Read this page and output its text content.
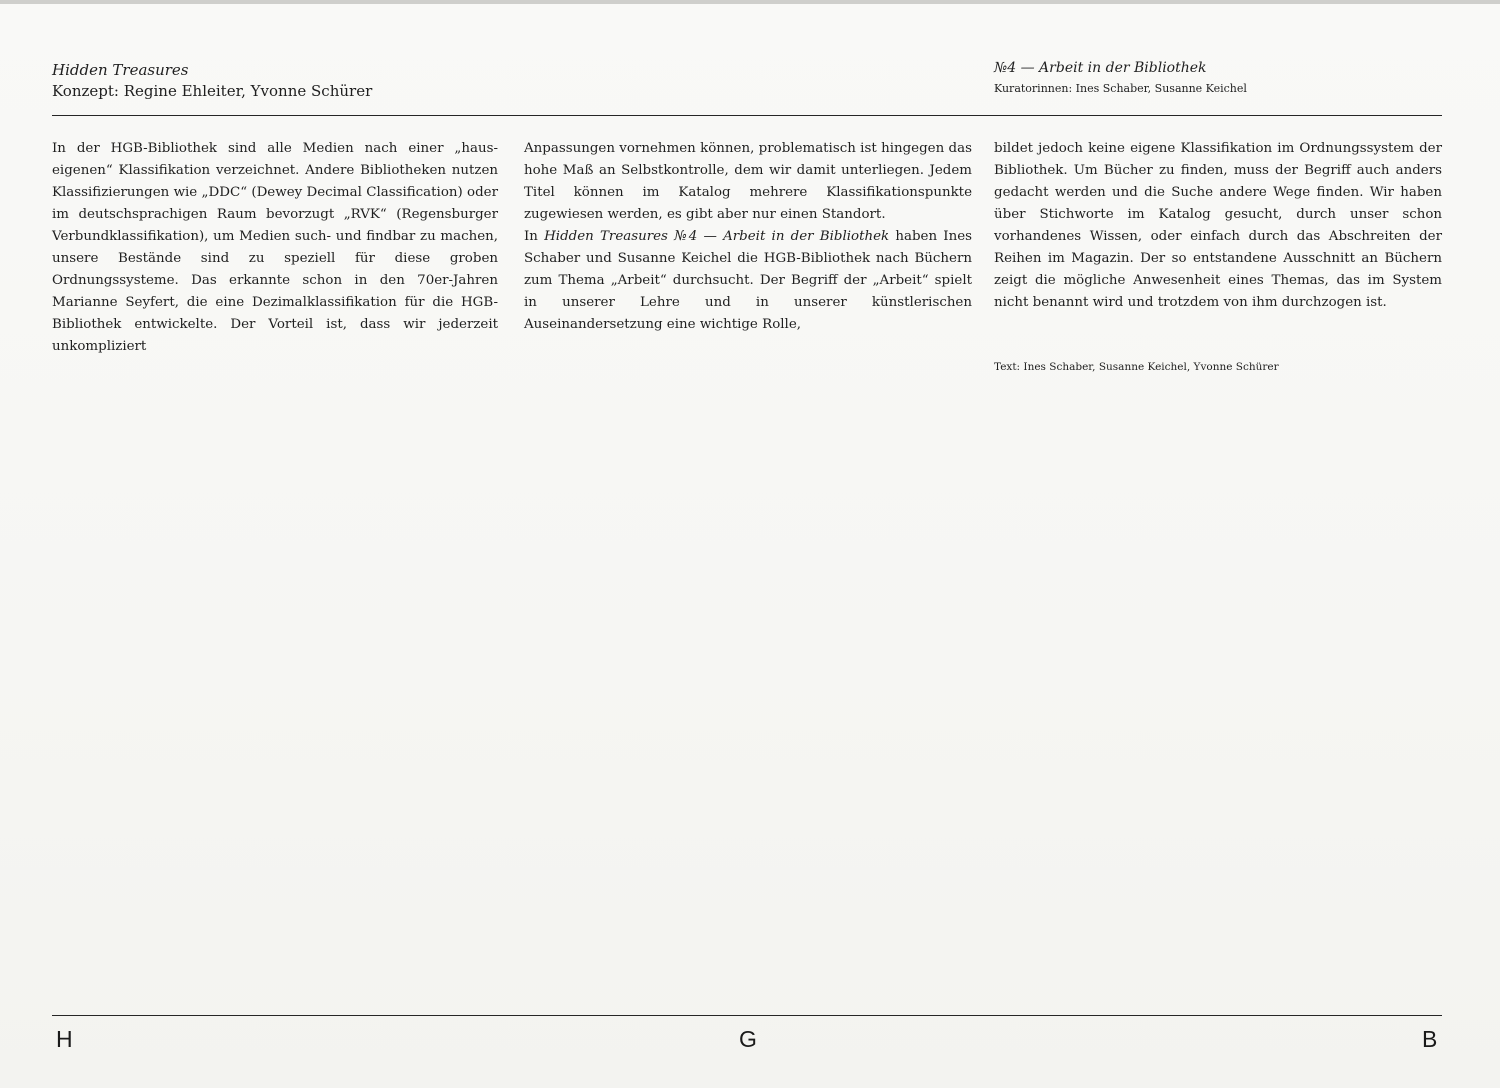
Hidden Treasures

Konzept: Regine Ehleiter, Yvonne Schürer

№4 — Arbeit in der Bibliothek

Kuratorinnen: Ines Schaber, Susanne Keichel

In der HGB-Bibliothek sind alle Medien nach einer „hauseigenen“ Klassifikation verzeichnet. Andere Bibliotheken nutzen Klassifizierungen wie „DDC“ (Dewey Decimal Classification) oder im deutschsprachigen Raum bevorzugt „RVK“ (Regensburger Verbundklassifikation), um Medien such- und findbar zu machen, unsere Bestände sind zu speziell für diese groben Ordnungssysteme. Das erkannte schon in den 70er-Jahren Marianne Seyfert, die eine Dezimalklassifikation für die HGB-Bibliothek entwickelte. Der Vorteil ist, dass wir jederzeit unkompliziert

Anpassungen vornehmen können, problematisch ist hingegen das hohe Maß an Selbstkontrolle, dem wir damit unterliegen. Jedem Titel können im Katalog mehrere Klassifikationspunkte zugewiesen werden, es gibt aber nur einen Standort.

In Hidden Treasures №4 — Arbeit in der Bibliothek haben Ines Schaber und Susanne Keichel die HGB-Bibliothek nach Büchern zum Thema „Arbeit“ durchsucht. Der Begriff der „Arbeit“ spielt in unserer Lehre und in unserer künstlerischen Auseinandersetzung eine wichtige Rolle,

bildet jedoch keine eigene Klassifikation im Ordnungssystem der Bibliothek. Um Bücher zu finden, muss der Begriff auch anders gedacht werden und die Suche andere Wege finden. Wir haben über Stichworte im Katalog gesucht, durch unser schon vorhandenes Wissen, oder einfach durch das Abschreiten der Reihen im Magazin. Der so entstandene Ausschnitt an Büchern zeigt die mögliche Anwesenheit eines Themas, das im System nicht benannt wird und trotzdem von ihm durchzogen ist.

Text: Ines Schaber, Susanne Keichel, Yvonne Schürer
H	G	B
